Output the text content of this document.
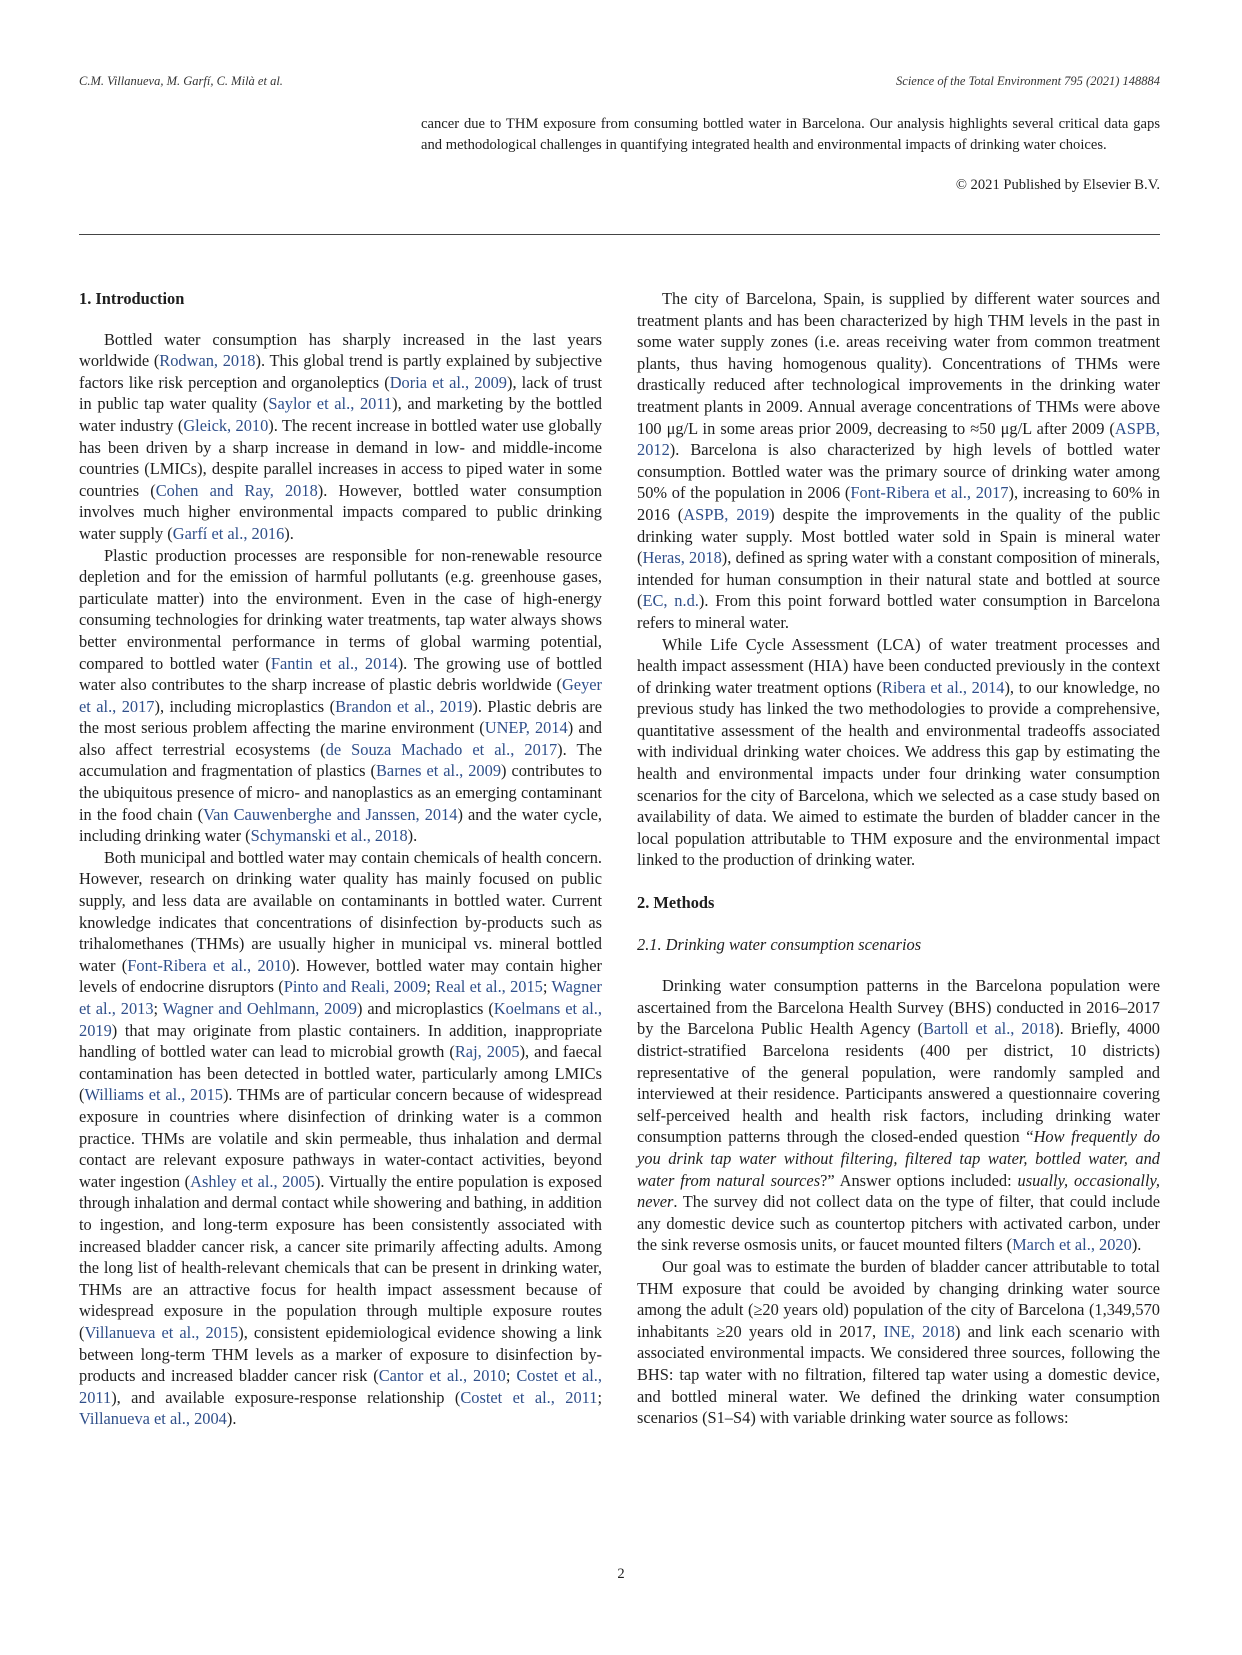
C.M. Villanueva, M. Garfí, C. Milà et al.	Science of the Total Environment 795 (2021) 148884
cancer due to THM exposure from consuming bottled water in Barcelona. Our analysis highlights several critical data gaps and methodological challenges in quantifying integrated health and environmental impacts of drinking water choices.
© 2021 Published by Elsevier B.V.
1. Introduction

Bottled water consumption has sharply increased in the last years worldwide (Rodwan, 2018). This global trend is partly explained by subjective factors like risk perception and organoleptics (Doria et al., 2009), lack of trust in public tap water quality (Saylor et al., 2011), and marketing by the bottled water industry (Gleick, 2010). The recent increase in bottled water use globally has been driven by a sharp increase in demand in low- and middle-income countries (LMICs), despite parallel increases in access to piped water in some countries (Cohen and Ray, 2018). However, bottled water consumption involves much higher environmental impacts compared to public drinking water supply (Garfí et al., 2016).

Plastic production processes are responsible for non-renewable resource depletion and for the emission of harmful pollutants (e.g. greenhouse gases, particulate matter) into the environment. Even in the case of high-energy consuming technologies for drinking water treatments, tap water always shows better environmental performance in terms of global warming potential, compared to bottled water (Fantin et al., 2014). The growing use of bottled water also contributes to the sharp increase of plastic debris worldwide (Geyer et al., 2017), including microplastics (Brandon et al., 2019). Plastic debris are the most serious problem affecting the marine environment (UNEP, 2014) and also affect terrestrial ecosystems (de Souza Machado et al., 2017). The accumulation and fragmentation of plastics (Barnes et al., 2009) contributes to the ubiquitous presence of micro- and nanoplastics as an emerging contaminant in the food chain (Van Cauwenberghe and Janssen, 2014) and the water cycle, including drinking water (Schymanski et al., 2018).

Both municipal and bottled water may contain chemicals of health concern. However, research on drinking water quality has mainly focused on public supply, and less data are available on contaminants in bottled water. Current knowledge indicates that concentrations of disinfection by-products such as trihalomethanes (THMs) are usually higher in municipal vs. mineral bottled water (Font-Ribera et al., 2010). However, bottled water may contain higher levels of endocrine disruptors (Pinto and Reali, 2009; Real et al., 2015; Wagner et al., 2013; Wagner and Oehlmann, 2009) and microplastics (Koelmans et al., 2019) that may originate from plastic containers. In addition, inappropriate handling of bottled water can lead to microbial growth (Raj, 2005), and faecal contamination has been detected in bottled water, particularly among LMICs (Williams et al., 2015). THMs are of particular concern because of widespread exposure in countries where disinfection of drinking water is a common practice. THMs are volatile and skin permeable, thus inhalation and dermal contact are relevant exposure pathways in water-contact activities, beyond water ingestion (Ashley et al., 2005). Virtually the entire population is exposed through inhalation and dermal contact while showering and bathing, in addition to ingestion, and long-term exposure has been consistently associated with increased bladder cancer risk, a cancer site primarily affecting adults. Among the long list of health-relevant chemicals that can be present in drinking water, THMs are an attractive focus for health impact assessment because of widespread exposure in the population through multiple exposure routes (Villanueva et al., 2015), consistent epidemiological evidence showing a link between long-term THM levels as a marker of exposure to disinfection by-products and increased bladder cancer risk (Cantor et al., 2010; Costet et al., 2011), and available exposure-response relationship (Costet et al., 2011; Villanueva et al., 2004).

The city of Barcelona, Spain, is supplied by different water sources and treatment plants and has been characterized by high THM levels in the past in some water supply zones (i.e. areas receiving water from common treatment plants, thus having homogenous quality). Concentrations of THMs were drastically reduced after technological improvements in the drinking water treatment plants in 2009. Annual average concentrations of THMs were above 100 μg/L in some areas prior 2009, decreasing to ≈50 μg/L after 2009 (ASPB, 2012). Barcelona is also characterized by high levels of bottled water consumption. Bottled water was the primary source of drinking water among 50% of the population in 2006 (Font-Ribera et al., 2017), increasing to 60% in 2016 (ASPB, 2019) despite the improvements in the quality of the public drinking water supply. Most bottled water sold in Spain is mineral water (Heras, 2018), defined as spring water with a constant composition of minerals, intended for human consumption in their natural state and bottled at source (EC, n.d.). From this point forward bottled water consumption in Barcelona refers to mineral water.

While Life Cycle Assessment (LCA) of water treatment processes and health impact assessment (HIA) have been conducted previously in the context of drinking water treatment options (Ribera et al., 2014), to our knowledge, no previous study has linked the two methodologies to provide a comprehensive, quantitative assessment of the health and environmental tradeoffs associated with individual drinking water choices. We address this gap by estimating the health and environmental impacts under four drinking water consumption scenarios for the city of Barcelona, which we selected as a case study based on availability of data. We aimed to estimate the burden of bladder cancer in the local population attributable to THM exposure and the environmental impact linked to the production of drinking water.

2. Methods
2.1. Drinking water consumption scenarios

Drinking water consumption patterns in the Barcelona population were ascertained from the Barcelona Health Survey (BHS) conducted in 2016–2017 by the Barcelona Public Health Agency (Bartoll et al., 2018). Briefly, 4000 district-stratified Barcelona residents (400 per district, 10 districts) representative of the general population, were randomly sampled and interviewed at their residence. Participants answered a questionnaire covering self-perceived health and health risk factors, including drinking water consumption patterns through the closed-ended question “How frequently do you drink tap water without filtering, filtered tap water, bottled water, and water from natural sources?” Answer options included: usually, occasionally, never. The survey did not collect data on the type of filter, that could include any domestic device such as countertop pitchers with activated carbon, under the sink reverse osmosis units, or faucet mounted filters (March et al., 2020).

Our goal was to estimate the burden of bladder cancer attributable to total THM exposure that could be avoided by changing drinking water source among the adult (≥20 years old) population of the city of Barcelona (1,349,570 inhabitants ≥20 years old in 2017, INE, 2018) and link each scenario with associated environmental impacts. We considered three sources, following the BHS: tap water with no filtration, filtered tap water using a domestic device, and bottled mineral water. We defined the drinking water consumption scenarios (S1–S4) with variable drinking water source as follows:

2
